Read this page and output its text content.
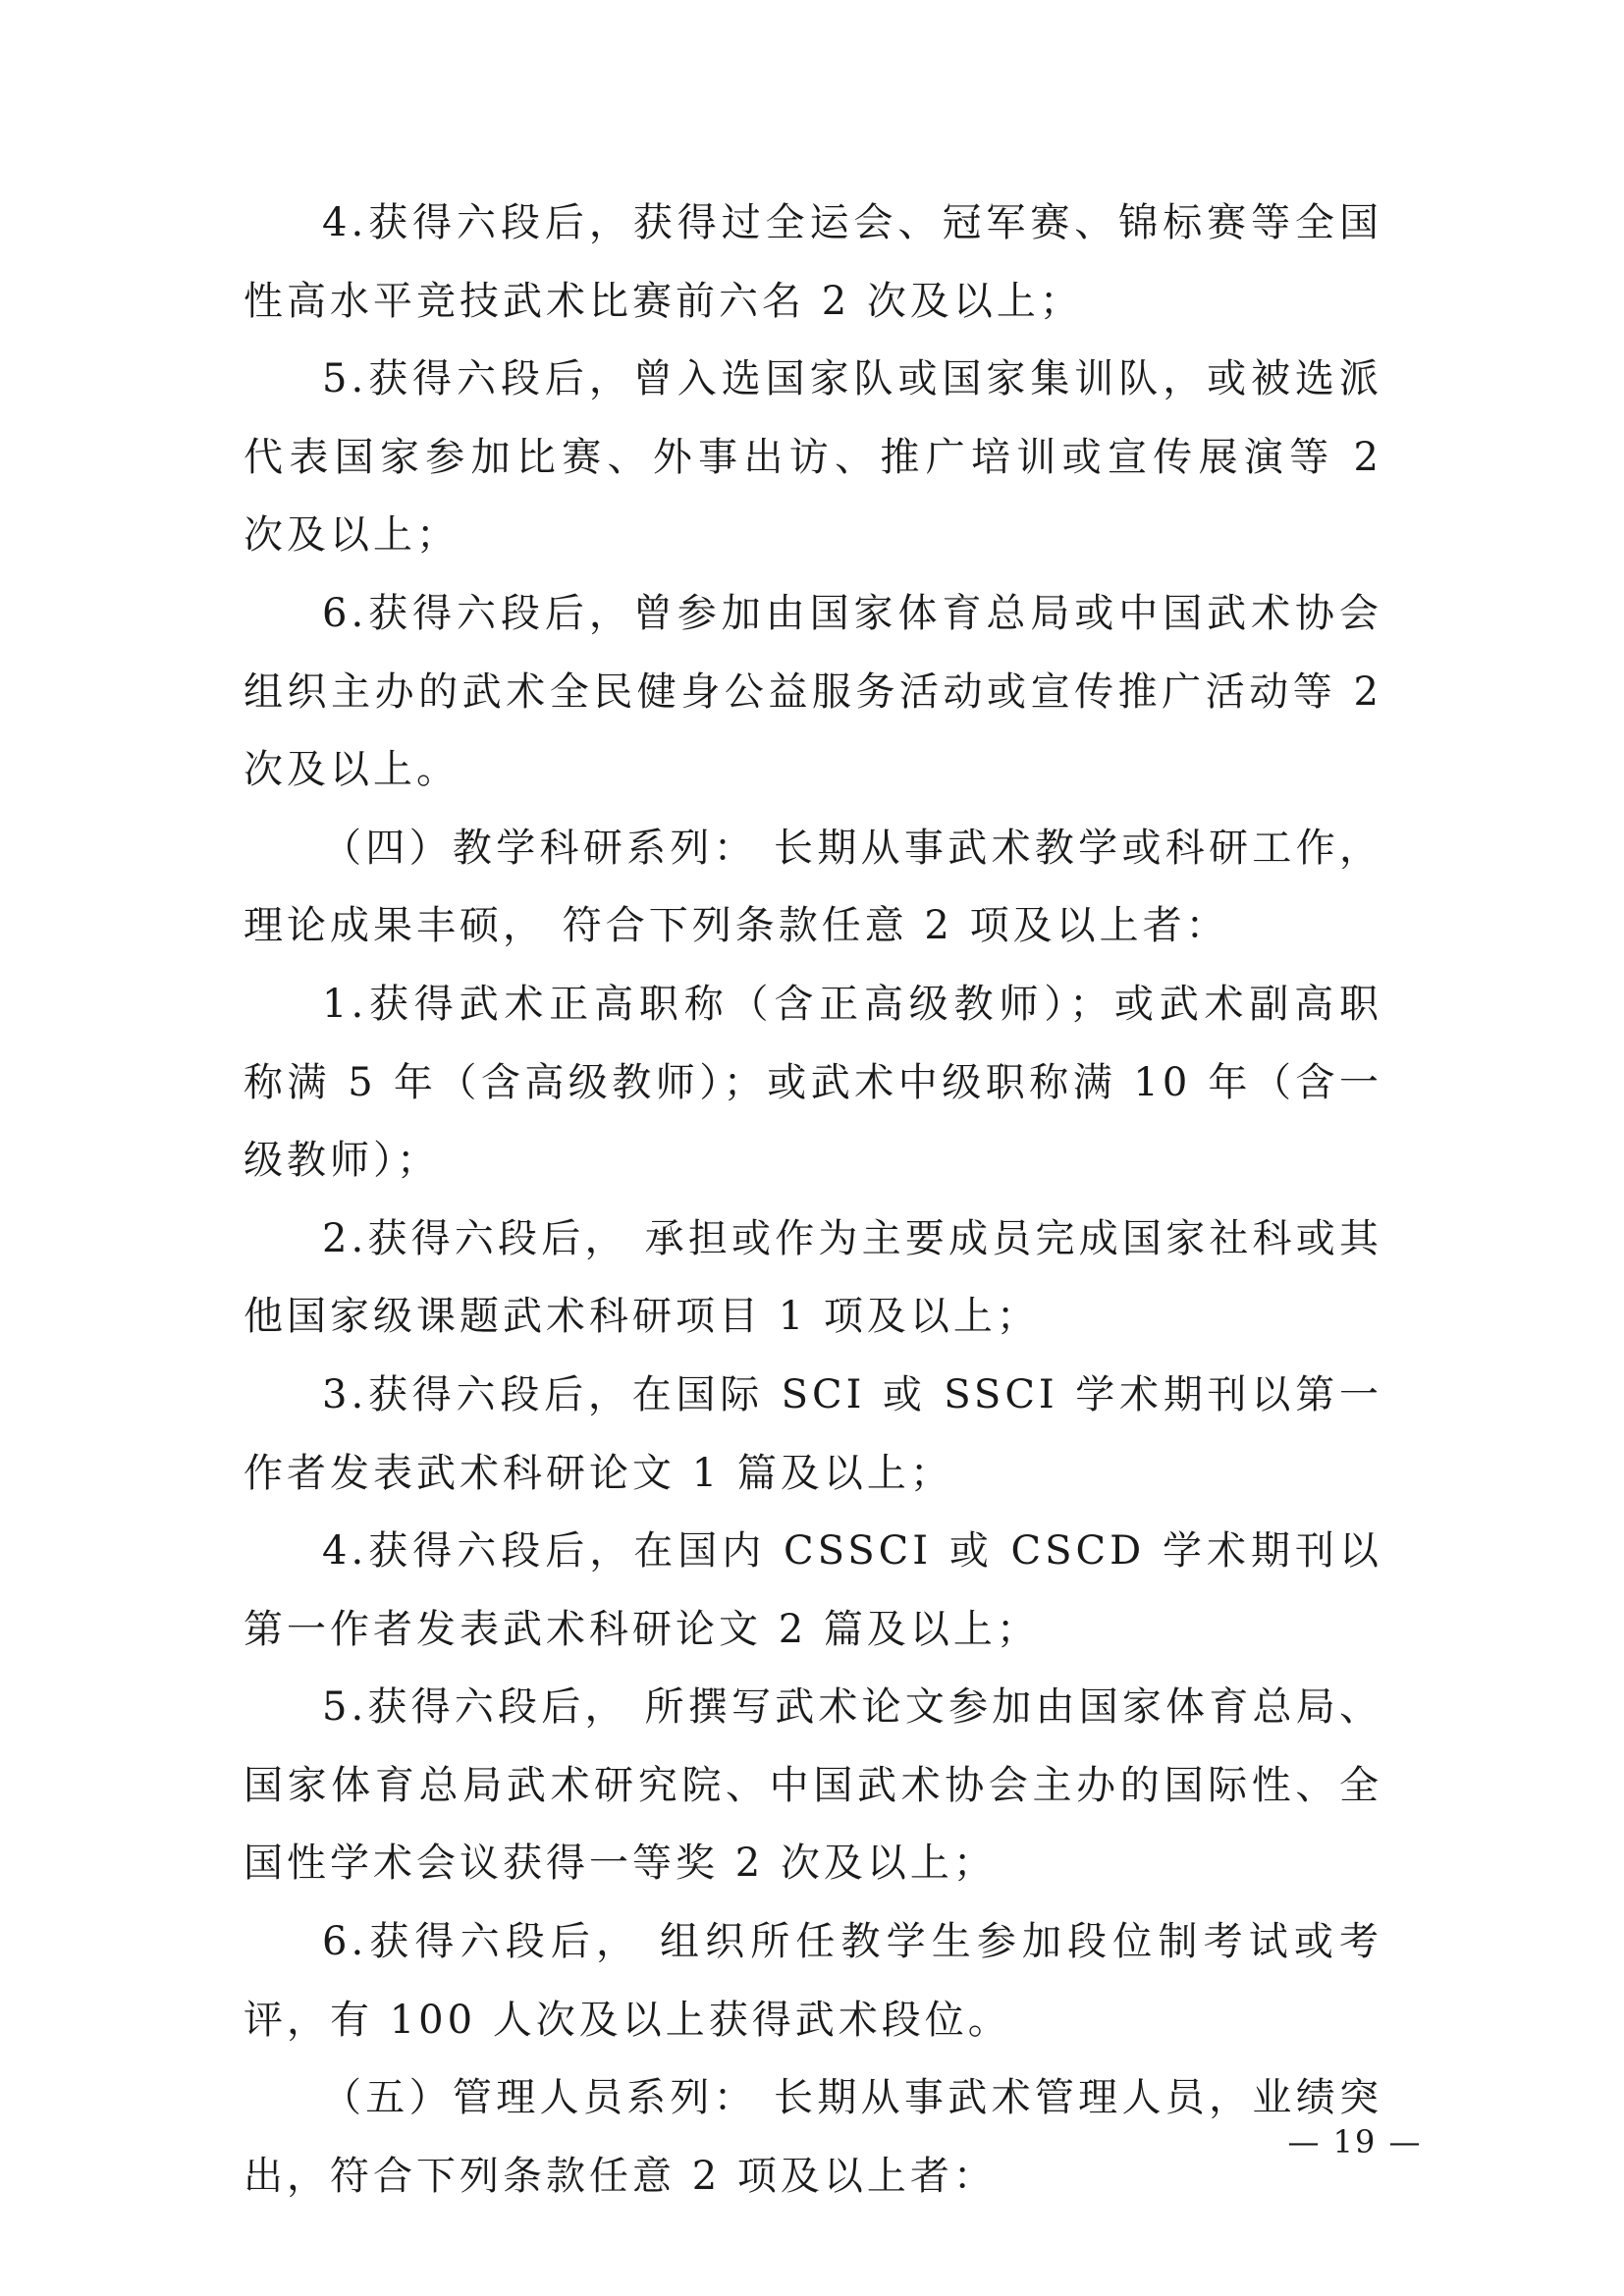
4.获得六段后，获得过全运会、冠军赛、锦标赛等全国性高水平竞技武术比赛前六名 2 次及以上；

5.获得六段后，曾入选国家队或国家集训队，或被选派代表国家参加比赛、外事出访、推广培训或宣传展演等 2 次及以上；

6.获得六段后，曾参加由国家体育总局或中国武术协会组织主办的武术全民健身公益服务活动或宣传推广活动等 2 次及以上。

（四）教学科研系列： 长期从事武术教学或科研工作， 理论成果丰硕， 符合下列条款任意 2 项及以上者：

1.获得武术正高职称（含正高级教师）；或武术副高职称满 5 年（含高级教师）；或武术中级职称满 10 年（含一级教师）；

2.获得六段后， 承担或作为主要成员完成国家社科或其他国家级课题武术科研项目 1 项及以上；

3.获得六段后，在国际 SCI 或 SSCI 学术期刊以第一作者发表武术科研论文 1 篇及以上；

4.获得六段后，在国内 CSSCI 或 CSCD 学术期刊以第一作者发表武术科研论文 2 篇及以上；

5.获得六段后， 所撰写武术论文参加由国家体育总局、国家体育总局武术研究院、中国武术协会主办的国际性、全国性学术会议获得一等奖 2 次及以上；

6.获得六段后， 组织所任教学生参加段位制考试或考评，有 100 人次及以上获得武术段位。

（五）管理人员系列： 长期从事武术管理人员，业绩突出，符合下列条款任意 2 项及以上者：

— 19 —
